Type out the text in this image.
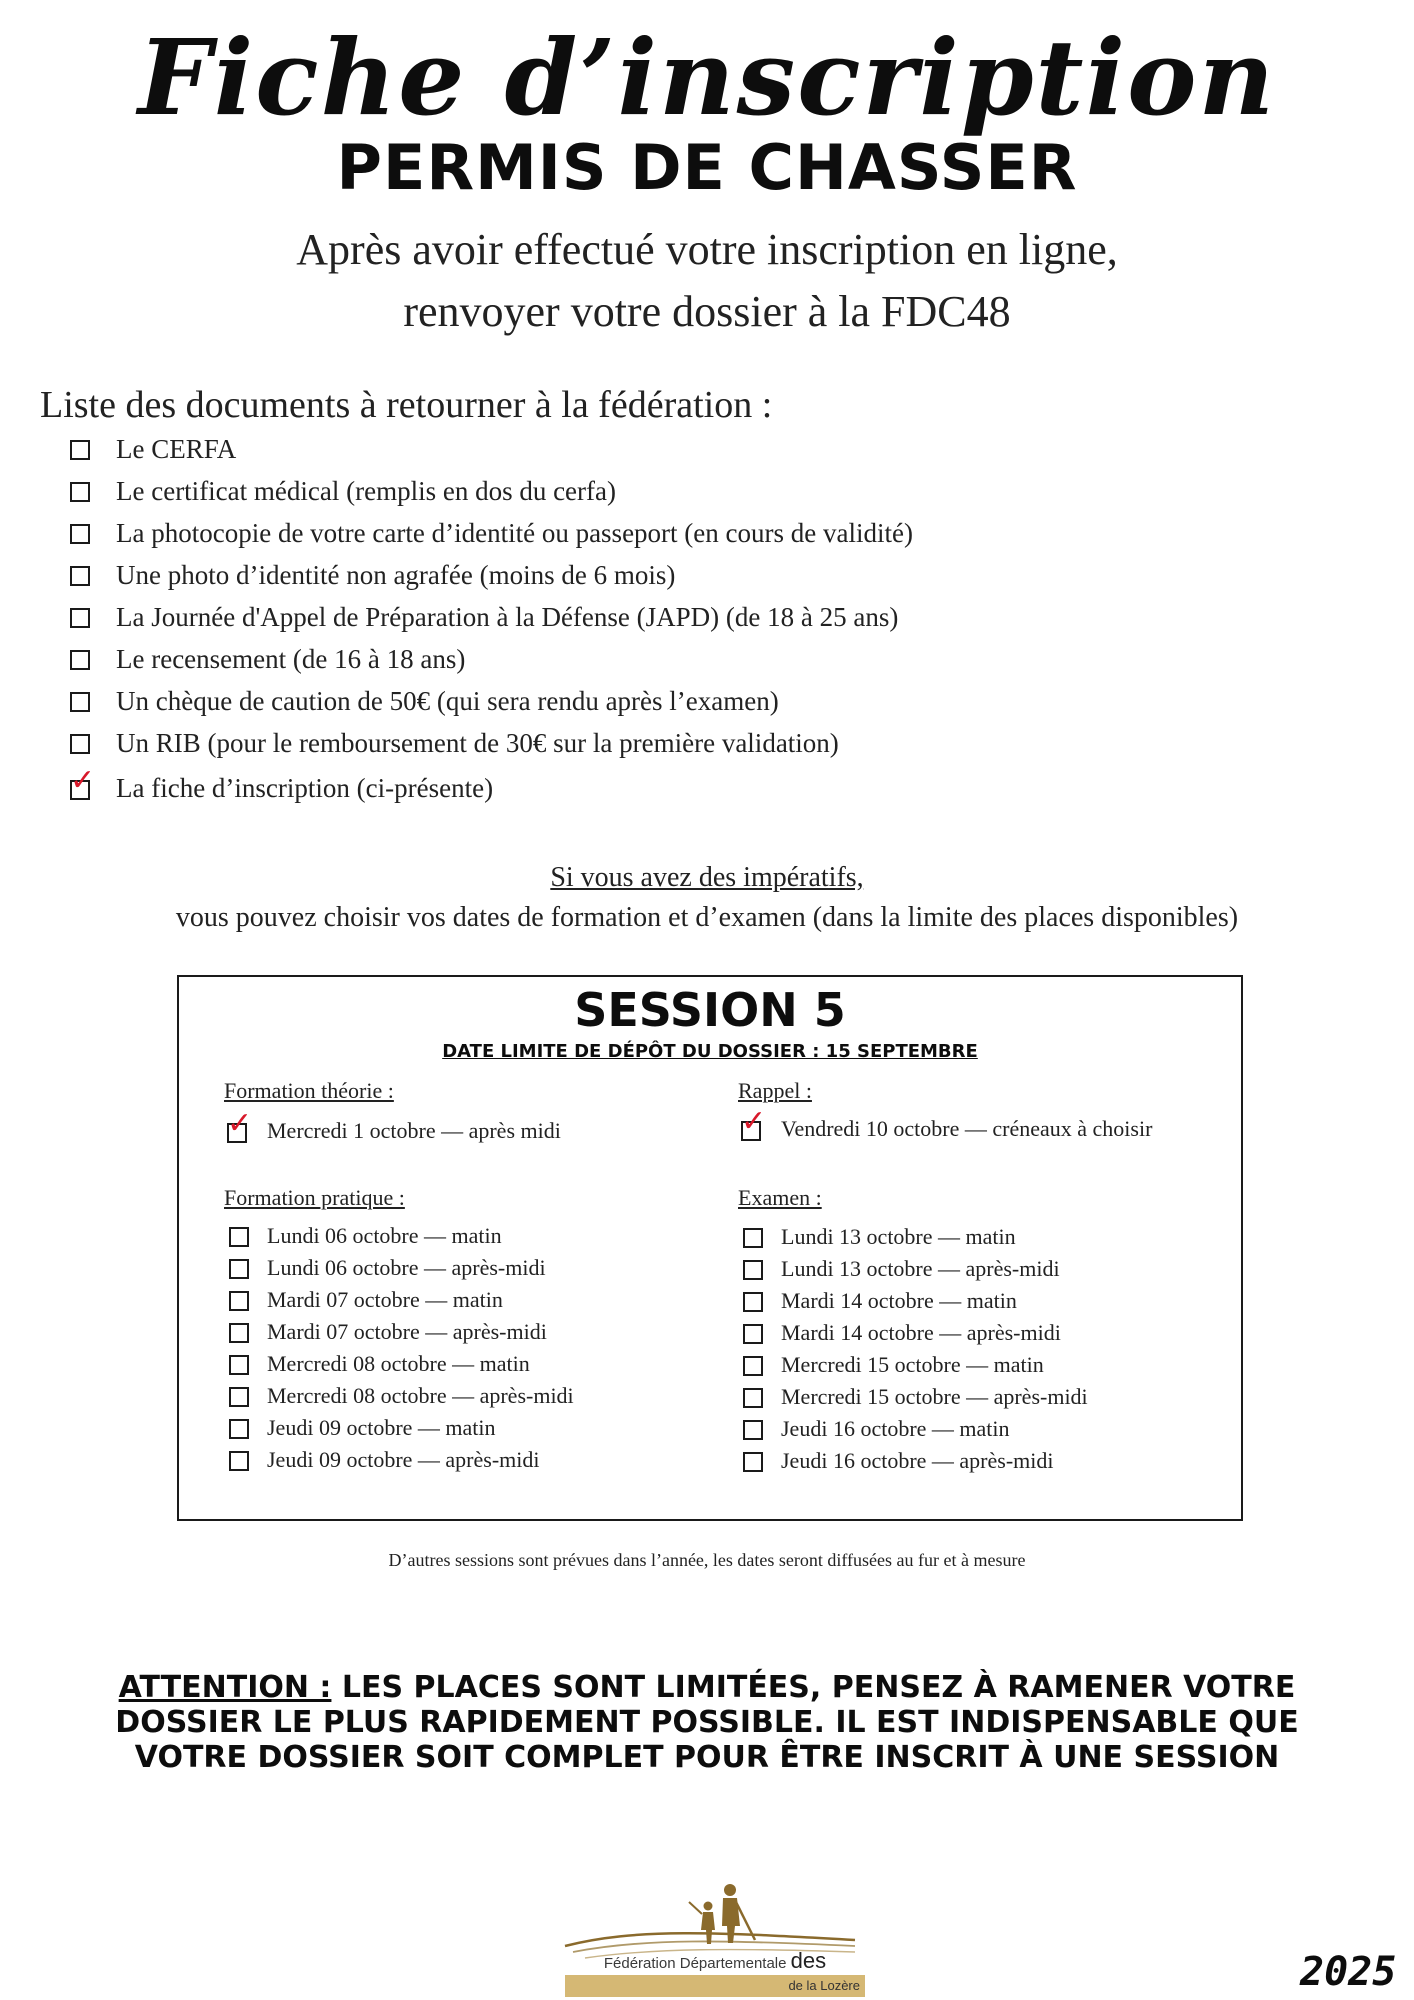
Fiche d’inscription
PERMIS DE CHASSER
Après avoir effectué votre inscription en ligne,
renvoyer votre dossier à la FDC48
Liste des documents à retourner à la fédération :
Le CERFA
Le certificat médical (remplis en dos du cerfa)
La photocopie de votre carte d’identité ou passeport (en cours de validité)
Une photo d’identité non agrafée (moins de 6 mois)
La Journée d'Appel de Préparation à la Défense (JAPD) (de 18 à 25 ans)
Le recensement (de 16 à 18 ans)
Un chèque de caution de 50€ (qui sera rendu après l’examen)
Un RIB (pour le remboursement de 30€ sur la première validation)
✓ La fiche d’inscription (ci-présente)
Si vous avez des impératifs,
vous pouvez choisir vos dates de formation et d’examen (dans la limite des places disponibles)
SESSION 5
DATE LIMITE DE DÉPÔT DU DOSSIER : 15 SEPTEMBRE
Formation théorie :
✓ Mercredi 1 octobre — après midi
Rappel :
✓ Vendredi 10 octobre — créneaux à choisir
Formation pratique :
Lundi 06 octobre — matin
Lundi 06 octobre — après-midi
Mardi 07 octobre — matin
Mardi 07 octobre — après-midi
Mercredi 08 octobre — matin
Mercredi 08 octobre — après-midi
Jeudi 09 octobre — matin
Jeudi 09 octobre — après-midi
Examen :
Lundi 13 octobre — matin
Lundi 13 octobre — après-midi
Mardi 14 octobre — matin
Mardi 14 octobre — après-midi
Mercredi 15 octobre — matin
Mercredi 15 octobre — après-midi
Jeudi 16 octobre — matin
Jeudi 16 octobre — après-midi
D’autres sessions sont prévues dans l’année, les dates seront diffusées au fur et à mesure
ATTENTION : LES PLACES SONT LIMITÉES, PENSEZ À RAMENER VOTRE DOSSIER LE PLUS RAPIDEMENT POSSIBLE. IL EST INDISPENSABLE QUE VOTRE DOSSIER SOIT COMPLET POUR ÊTRE INSCRIT À UNE SESSION
Fédération Départementale des
de la Lozère	2025
